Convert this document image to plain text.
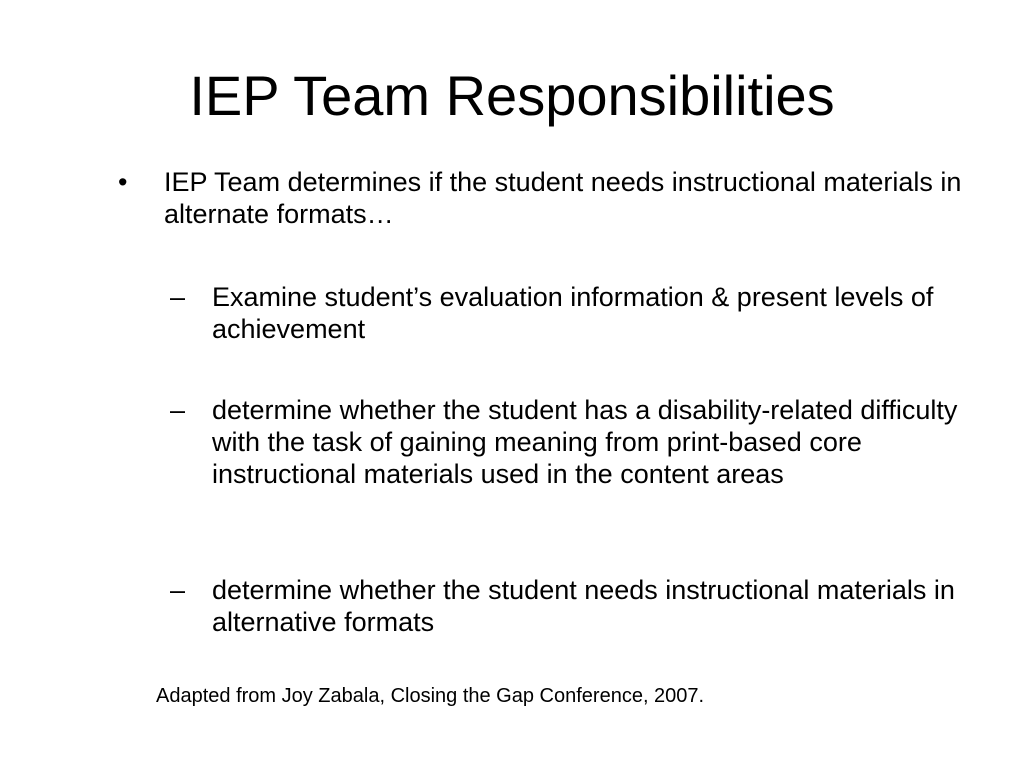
IEP Team Responsibilities
•	IEP Team determines if the student needs instructional materials in alternate formats…
– Examine student’s evaluation information & present levels of achievement
– determine whether the student has a disability-related difficulty with the task of gaining meaning from print-based core instructional materials used in the content areas
– determine whether the student needs instructional materials in alternative formats

Adapted from Joy Zabala, Closing the Gap Conference, 2007.
